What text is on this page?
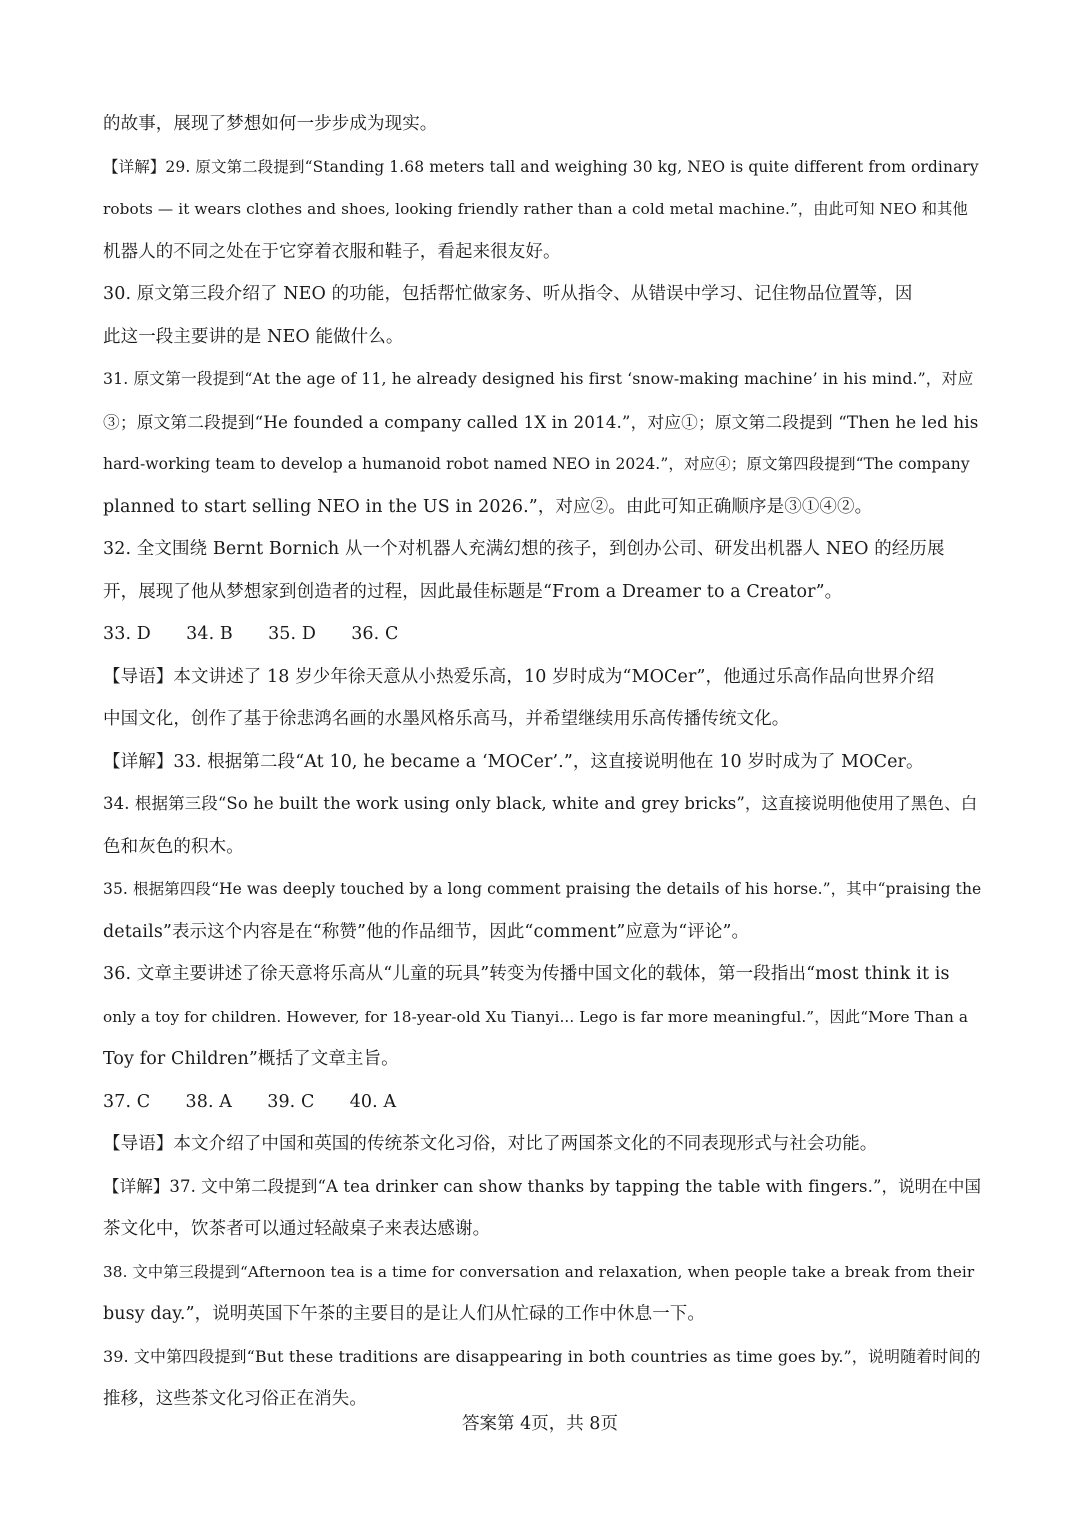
的故事，展现了梦想如何一步步成为现实。
【详解】29. 原文第二段提到“Standing 1.68 meters tall and weighing 30 kg, NEO is quite different from ordinary
robots — it wears clothes and shoes, looking friendly rather than a cold metal machine.”，由此可知 NEO 和其他
机器人的不同之处在于它穿着衣服和鞋子，看起来很友好。
30. 原文第三段介绍了 NEO 的功能，包括帮忙做家务、听从指令、从错误中学习、记住物品位置等，因
此这一段主要讲的是 NEO 能做什么。
31. 原文第一段提到“At the age of 11, he already designed his first ‘snow-making machine’ in his mind.”，对应
③；原文第二段提到“He founded a company called 1X in 2014.”，对应①；原文第二段提到 “Then he led his
hard-working team to develop a humanoid robot named NEO in 2024.”，对应④；原文第四段提到“The company
planned to start selling NEO in the US in 2026.”，对应②。由此可知正确顺序是③①④②。
32. 全文围绕 Bernt Bornich 从一个对机器人充满幻想的孩子，到创办公司、研发出机器人 NEO 的经历展
开，展现了他从梦想家到创造者的过程，因此最佳标题是“From a Dreamer to a Creator”。
33. D　　34. B　　35. D　　36. C
【导语】本文讲述了 18 岁少年徐天意从小热爱乐高，10 岁时成为“MOCer”，他通过乐高作品向世界介绍
中国文化，创作了基于徐悲鸿名画的水墨风格乐高马，并希望继续用乐高传播传统文化。
【详解】33. 根据第二段“At 10, he became a ‘MOCer’.”，这直接说明他在 10 岁时成为了 MOCer。
34. 根据第三段“So he built the work using only black, white and grey bricks”，这直接说明他使用了黑色、白
色和灰色的积木。
35. 根据第四段“He was deeply touched by a long comment praising the details of his horse.”，其中“praising the
details”表示这个内容是在“称赞”他的作品细节，因此“comment”应意为“评论”。
36. 文章主要讲述了徐天意将乐高从“儿童的玩具”转变为传播中国文化的载体，第一段指出“most think it is
only a toy for children. However, for 18-year-old Xu Tianyi... Lego is far more meaningful.”，因此“More Than a
Toy for Children”概括了文章主旨。
37. C　　38. A　　39. C　　40. A
【导语】本文介绍了中国和英国的传统茶文化习俗，对比了两国茶文化的不同表现形式与社会功能。
【详解】37. 文中第二段提到“A tea drinker can show thanks by tapping the table with fingers.”，说明在中国
茶文化中，饮茶者可以通过轻敲桌子来表达感谢。
38. 文中第三段提到“Afternoon tea is a time for conversation and relaxation, when people take a break from their
busy day.”，说明英国下午茶的主要目的是让人们从忙碌的工作中休息一下。
39. 文中第四段提到“But these traditions are disappearing in both countries as time goes by.”，说明随着时间的
推移，这些茶文化习俗正在消失。
答案第 4页，共 8页
